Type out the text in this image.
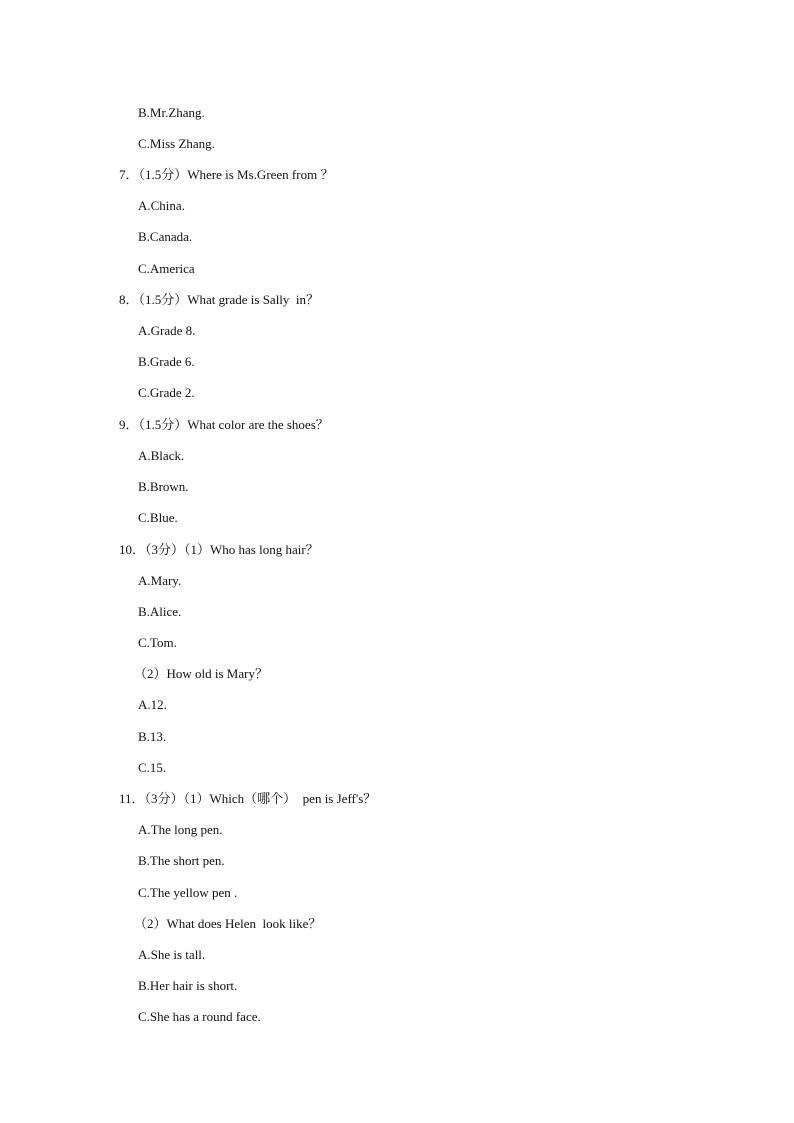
B.Mr.Zhang.
C.Miss Zhang.
7．（1.5分）Where is Ms.Green from ？
A.China.
B.Canada.
C.America
8．（1.5分）What grade is Sally  in？
A.Grade 8.
B.Grade 6.
C.Grade 2.
9．（1.5分）What color are the shoes？
A.Black.
B.Brown.
C.Blue.
10．（3分）（1）Who has long hair？
A.Mary.
B.Alice.
C.Tom.
（2）How old is Mary？
A.12.
B.13.
C.15.
11．（3分）（1）Which（哪个）  pen is Jeff's？
A.The long pen.
B.The short pen.
C.The yellow pen .
（2）What does Helen  look like？
A.She is tall.
B.Her hair is short.
C.She has a round face.
